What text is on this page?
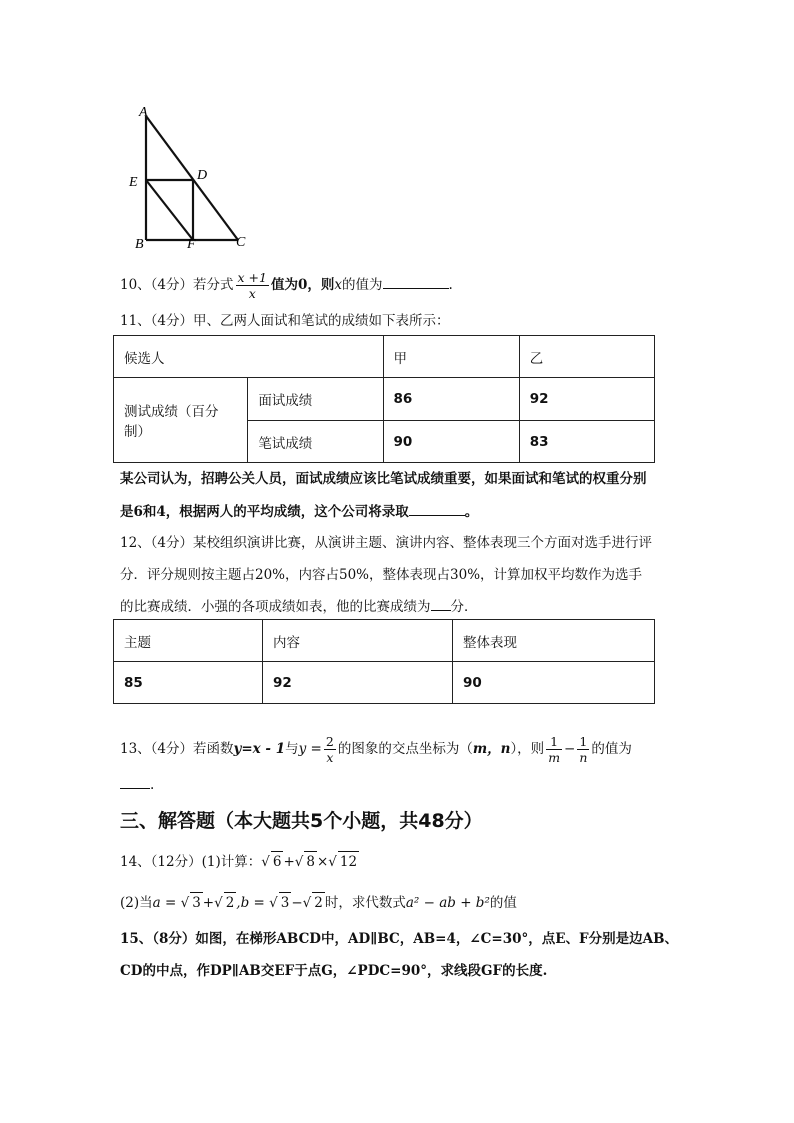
A
E	D
B	F	C
10、（4分）若分式 $\frac{x +1}{x}$ 值为0，则x的值为	.
11、（4分）甲、乙两人面试和笔试的成绩如下表所示：
候选人		甲	乙
测试成绩（百分制）	面试成绩	86	92
	笔试成绩	90	83
某公司认为，招聘公关人员，面试成绩应该比笔试成绩重要，如果面试和笔试的权重分别
是6和4，根据两人的平均成绩，这个公司将录取	。
12、（4分）某校组织演讲比赛，从演讲主题、演讲内容、整体表现三个方面对选手进行评
分．评分规则按主题占20%，内容占50%，整体表现占30%，计算加权平均数作为选手
的比赛成绩．小强的各项成绩如表，他的比赛成绩为 分．
主题	内容	整体表现
85	92	90
13、（4分）若函数y=x - 1与$y = \frac{2}{x}$ 的图象的交点坐标为（m，n），则 $\frac{1}{m} - \frac{1}{n}$ 的值为
.
三、解答题（本大题共5个小题，共48分）
14、（12分）(1)计算：√ 6 +√ 8 ×√ 12
(2)当a = √ 3 +√ 2 ,b = √ 3 −√ 2 时，求代数式a² − ab + b²的值
15、（8分）如图，在梯形ABCD中，AD∥BC，AB=4，∠C=30°，点E、F分别是边AB、
CD的中点，作DP∥AB交EF于点G，∠PDC=90°，求线段GF的长度.
